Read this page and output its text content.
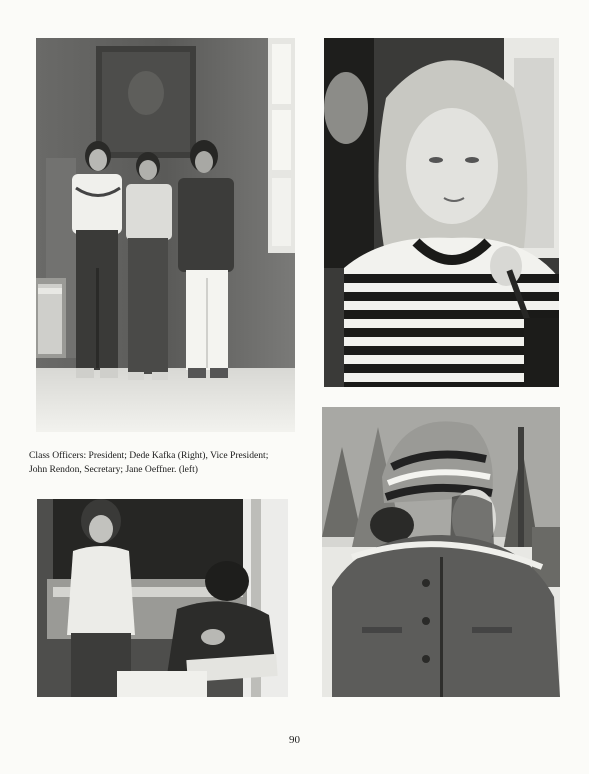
Class Officers: President; Dede Kafka (Right), Vice President;
John Rendon, Secretary; Jane Oeffner. (left)
90
